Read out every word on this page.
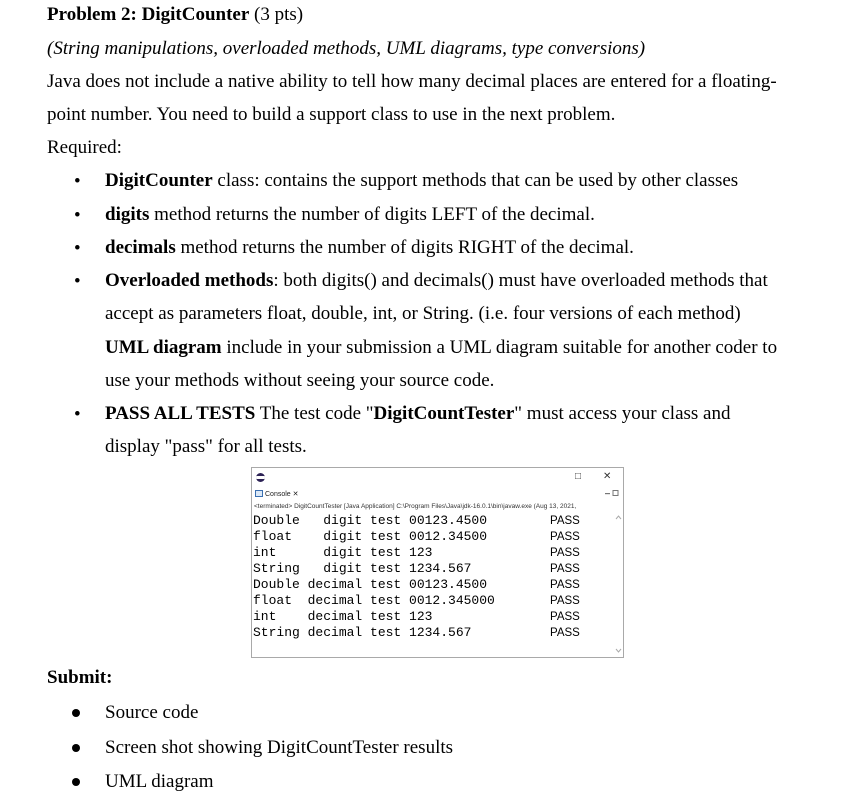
Problem 2: DigitCounter (3 pts)
(String manipulations, overloaded methods, UML diagrams, type conversions)
Java does not include a native ability to tell how many decimal places are entered for a floating-
point number. You need to build a support class to use in the next problem.
Required:
• DigitCounter class: contains the support methods that can be used by other classes
• digits method returns the number of digits LEFT of the decimal.
• decimals method returns the number of digits RIGHT of the decimal.
• Overloaded methods: both digits() and decimals() must have overloaded methods that
accept as parameters float, double, int, or String. (i.e. four versions of each method)
UML diagram include in your submission a UML diagram suitable for another coder to
use your methods without seeing your source code.
• PASS ALL TESTS The test code "DigitCountTester" must access your class and
display "pass" for all tests.
□ ✕
Console ✕
<terminated> DigitCountTester [Java Application] C:\Program Files\Java\jdk-16.0.1\bin\javaw.exe (Aug 13, 2021,
Double   digit test 00123.4500	PASS
float    digit test 0012.34500	PASS
int      digit test 123	PASS
String   digit test 1234.567	PASS
Double decimal test 00123.4500	PASS
float  decimal test 0012.345000	PASS
int    decimal test 123	PASS
String decimal test 1234.567	PASS
Submit:
Source code
Screen shot showing DigitCountTester results
UML diagram
